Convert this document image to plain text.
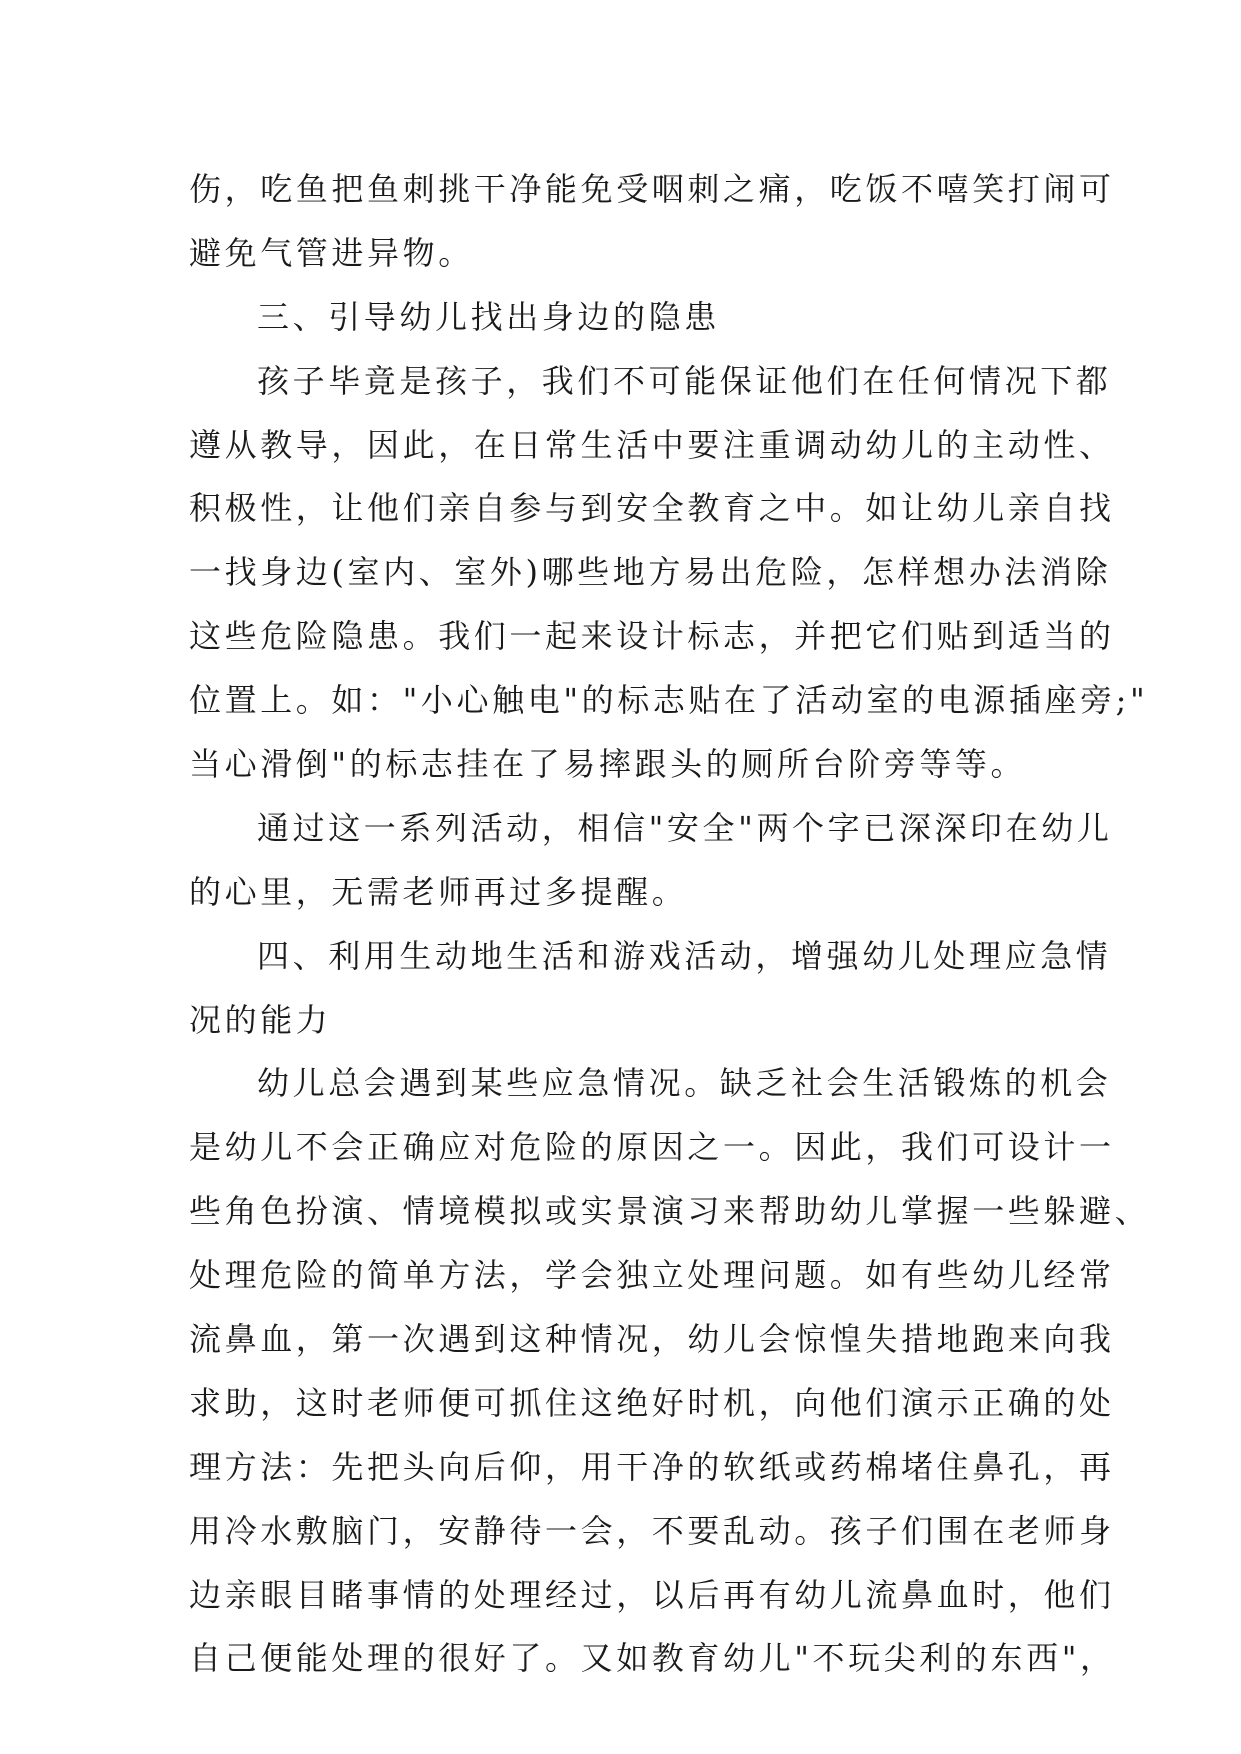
伤，吃鱼把鱼刺挑干净能免受咽刺之痛，吃饭不嘻笑打闹可
避免气管进异物。
三、引导幼儿找出身边的隐患
孩子毕竟是孩子，我们不可能保证他们在任何情况下都
遵从教导，因此，在日常生活中要注重调动幼儿的主动性、
积极性，让他们亲自参与到安全教育之中。如让幼儿亲自找
一找身边(室内、室外)哪些地方易出危险，怎样想办法消除
这些危险隐患。我们一起来设计标志，并把它们贴到适当的
位置上。如："小心触电"的标志贴在了活动室的电源插座旁;"
当心滑倒"的标志挂在了易摔跟头的厕所台阶旁等等。
通过这一系列活动，相信"安全"两个字已深深印在幼儿
的心里，无需老师再过多提醒。
四、利用生动地生活和游戏活动，增强幼儿处理应急情
况的能力
幼儿总会遇到某些应急情况。缺乏社会生活锻炼的机会
是幼儿不会正确应对危险的原因之一。因此，我们可设计一
些角色扮演、情境模拟或实景演习来帮助幼儿掌握一些躲避、
处理危险的简单方法，学会独立处理问题。如有些幼儿经常
流鼻血，第一次遇到这种情况，幼儿会惊惶失措地跑来向我
求助，这时老师便可抓住这绝好时机，向他们演示正确的处
理方法：先把头向后仰，用干净的软纸或药棉堵住鼻孔，再
用冷水敷脑门，安静待一会，不要乱动。孩子们围在老师身
边亲眼目睹事情的处理经过，以后再有幼儿流鼻血时，他们
自己便能处理的很好了。又如教育幼儿"不玩尖利的东西"，
